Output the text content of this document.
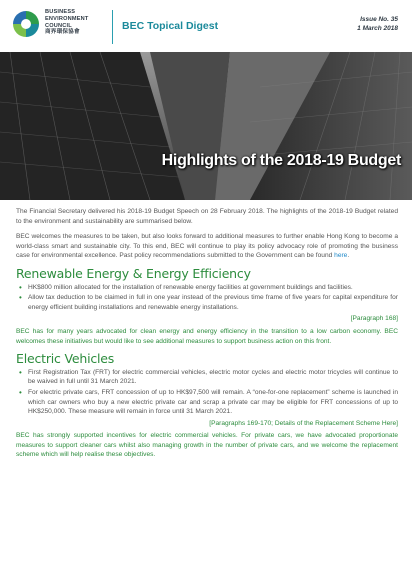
BUSINESS
ENVIRONMENT
COUNCIL
商界環保協會
BEC Topical Digest
Issue No. 35
1 March 2018
Highlights of the 2018-19 Budget

The Financial Secretary delivered his 2018-19 Budget Speech on 28 February 2018. The highlights of the 2018-19 Budget related to the environment and sustainability are summarised below.

BEC welcomes the measures to be taken, but also looks forward to additional measures to further enable Hong Kong to become a world-class smart and sustainable city. To this end, BEC will continue to play its policy advocacy role of promoting the business case for environmental excellence. Past policy recommendations submitted to the Government can be found here.

Renewable Energy & Energy Efficiency
• HK$800 million allocated for the installation of renewable energy facilities at government buildings and facilities.
• Allow tax deduction to be claimed in full in one year instead of the previous time frame of five years for capital expenditure for energy efficient building installations and renewable energy installations.
[Paragraph 168]

BEC has for many years advocated for clean energy and energy efficiency in the transition to a low carbon economy. BEC welcomes these initiatives but would like to see additional measures to support business action on this front.

Electric Vehicles
• First Registration Tax (FRT) for electric commercial vehicles, electric motor cycles and electric motor tricycles will continue to be waived in full until 31 March 2021.
• For electric private cars, FRT concession of up to HK$97,500 will remain. A “one-for-one replacement” scheme is launched in which car owners who buy a new electric private car and scrap a private car may be eligible for FRT concessions of up to HK$250,000. These measure will remain in force until 31 March 2021.
[Paragraphs 169-170; Details of the Replacement Scheme Here]

BEC has strongly supported incentives for electric commercial vehicles. For private cars, we have advocated proportionate measures to support cleaner cars whilst also managing growth in the number of private cars, and we welcome the replacement scheme which will help realise these objectives.
